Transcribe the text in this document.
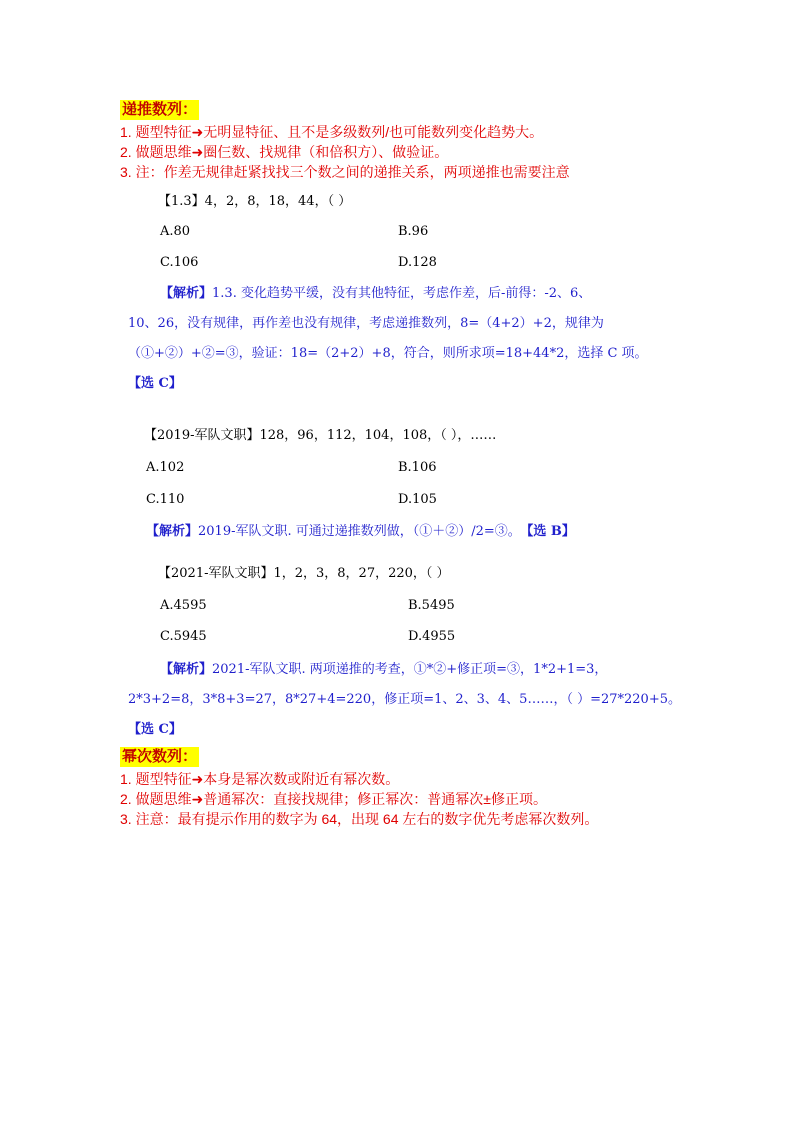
递推数列：
1. 题型特征➜无明显特征、且不是多级数列/也可能数列变化趋势大。
2. 做题思维➜圈仨数、找规律（和倍积方）、做验证。
3. 注：作差无规律赶紧找找三个数之间的递推关系，两项递推也需要注意
【1.3】4，2，8，18，44，（ ）
A.80	B.96
C.106	D.128
【解析】1.3. 变化趋势平缓，没有其他特征，考虑作差，后-前得：-2、6、
10、26，没有规律，再作差也没有规律，考虑递推数列，8=（4+2）+2，规律为
（①+②）+②=③，验证：18=（2+2）+8，符合，则所求项=18+44*2，选择 C 项。
【选 C】
【2019-军队文职】128，96，112，104，108，（ ），……
A.102	B.106
C.110	D.105
【解析】2019-军队文职. 可通过递推数列做，（①＋②）/2=③。 【选 B】
【2021-军队文职】1，2，3，8，27，220，（ ）
A.4595	B.5495
C.5945	D.4955
【解析】2021-军队文职. 两项递推的考查，①*②+修正项=③，1*2+1=3，
2*3+2=8，3*8+3=27，8*27+4=220，修正项=1、2、3、4、5……，（ ）=27*220+5。
【选 C】
幂次数列：
1. 题型特征➜本身是幂次数或附近有幂次数。
2. 做题思维➜普通幂次：直接找规律；修正幂次：普通幂次±修正项。
3. 注意：最有提示作用的数字为 64，出现 64 左右的数字优先考虑幂次数列。
